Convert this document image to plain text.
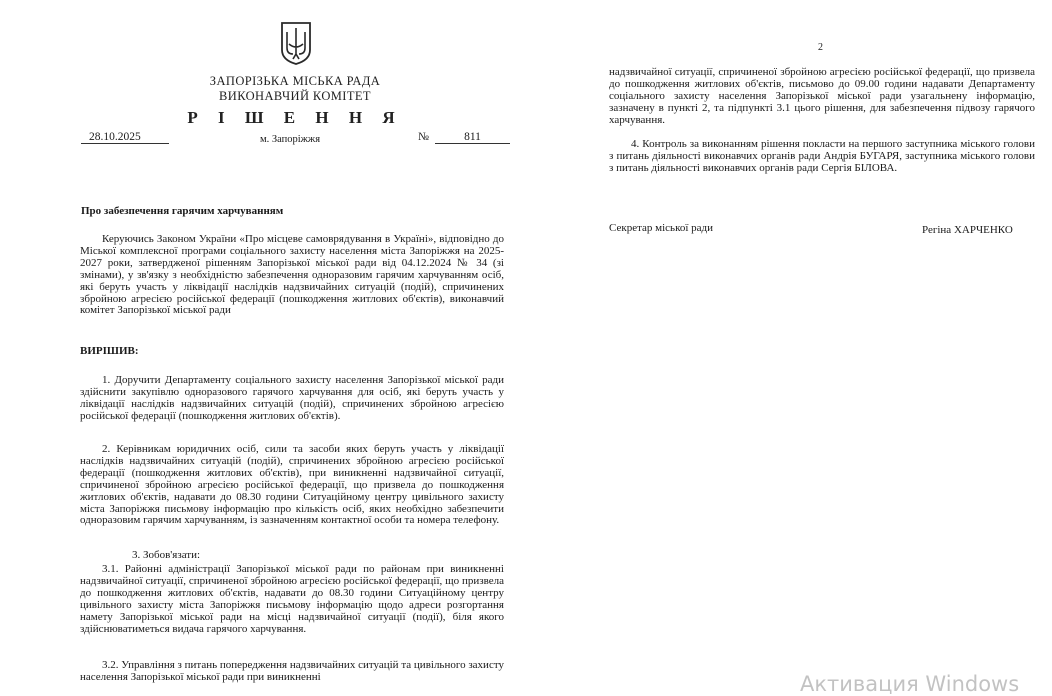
ЗАПОРІЗЬКА МІСЬКА РАДА
ВИКОНАВЧИЙ КОМІТЕТ
Р І Ш Е Н Н Я
28.10.2025	м. Запоріжжя	№	811
Про забезпечення гарячим харчуванням
Керуючись Законом України «Про місцеве самоврядування в Україні», відповідно до Міської комплексної програми соціального захисту населення міста Запоріжжя на 2025-2027 роки, затвердженої рішенням Запорізької міської ради від 04.12.2024 № 34 (зі змінами), у зв'язку з необхідністю забезпечення одноразовим гарячим харчуванням осіб, які беруть участь у ліквідації наслідків надзвичайних ситуацій (подій), спричинених збройною агресією російської федерації (пошкодження житлових об'єктів), виконавчий комітет Запорізької міської ради
ВИРІШИВ:
1. Доручити Департаменту соціального захисту населення Запорізької міської ради здійснити закупівлю одноразового гарячого харчування для осіб, які беруть участь у ліквідації наслідків надзвичайних ситуацій (подій), спричинених збройною агресією російської федерації (пошкодження житлових об'єктів).
2. Керівникам юридичних осіб, сили та засоби яких беруть участь у ліквідації наслідків надзвичайних ситуацій (подій), спричинених збройною агресією російської федерації (пошкодження житлових об'єктів), при виникненні надзвичайної ситуації, спричиненої збройною агресією російської федерації, що призвела до пошкодження житлових об'єктів, надавати до 08.30 години Ситуаційному центру цивільного захисту міста Запоріжжя письмову інформацію про кількість осіб, яких необхідно забезпечити одноразовим гарячим харчуванням, із зазначенням контактної особи та номера телефону.
3. Зобов'язати:
3.1. Районні адміністрації Запорізької міської ради по районам при виникненні надзвичайної ситуації, спричиненої збройною агресією російської федерації, що призвела до пошкодження житлових об'єктів, надавати до 08.30 години Ситуаційному центру цивільного захисту міста Запоріжжя письмову інформацію щодо адреси розгортання намету Запорізької міської ради на місці надзвичайної ситуації (події), біля якого здійснюватиметься видача гарячого харчування.
3.2. Управління з питань попередження надзвичайних ситуацій та цивільного захисту населення Запорізької міської ради при виникненні
2
надзвичайної ситуації, спричиненої збройною агресією російської федерації, що призвела до пошкодження житлових об'єктів, письмово до 09.00 години надавати Департаменту соціального захисту населення Запорізької міської ради узагальнену інформацію, зазначену в пункті 2, та підпункті 3.1 цього рішення, для забезпечення підвозу гарячого харчування.
4. Контроль за виконанням рішення покласти на першого заступника міського голови з питань діяльності виконавчих органів ради Андрія БУГАРЯ, заступника міського голови з питань діяльності виконавчих органів ради Сергія БІЛОВА.
Секретар міської ради	Регіна ХАРЧЕНКО
Активация Windows
